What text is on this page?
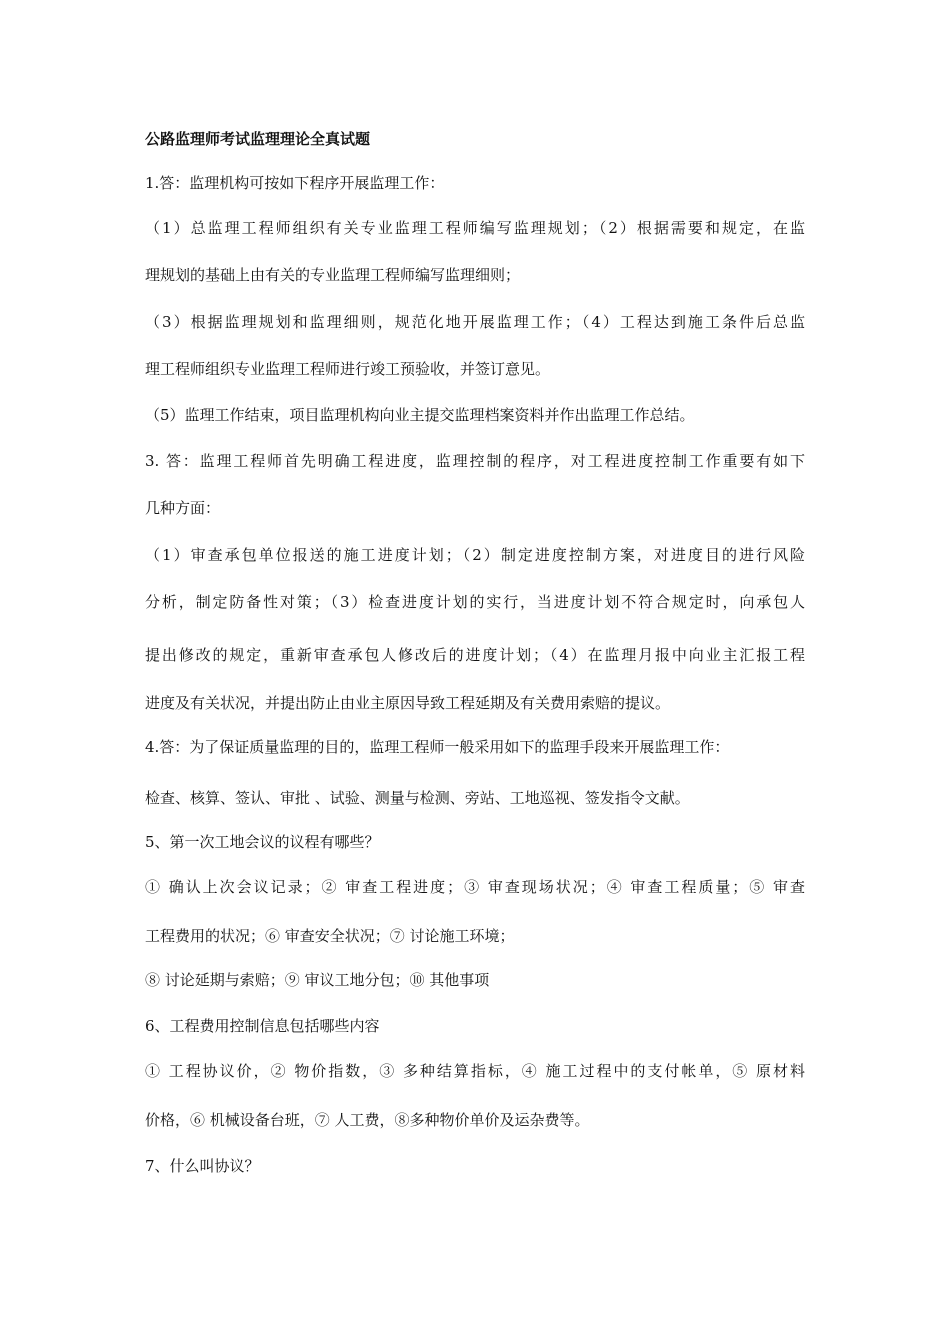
公路监理师考试监理理论全真试题
1.答：监理机构可按如下程序开展监理工作：
（1）总监理工程师组织有关专业监理工程师编写监理规划；（2）根据需要和规定，在监
理规划的基础上由有关的专业监理工程师编写监理细则；
（3）根据监理规划和监理细则，规范化地开展监理工作；（4）工程达到施工条件后总监
理工程师组织专业监理工程师进行竣工预验收，并签订意见。
（5）监理工作结束，项目监理机构向业主提交监理档案资料并作出监理工作总结。
3. 答：监理工程师首先明确工程进度，监理控制的程序，对工程进度控制工作重要有如下
几种方面：
（1）审查承包单位报送的施工进度计划；（2）制定进度控制方案，对进度目的进行风险
分析，制定防备性对策；（3）检查进度计划的实行，当进度计划不符合规定时，向承包人
提出修改的规定，重新审查承包人修改后的进度计划；（4）在监理月报中向业主汇报工程
进度及有关状况，并提出防止由业主原因导致工程延期及有关费用索赔的提议。
4.答：为了保证质量监理的目的，监理工程师一般采用如下的监理手段来开展监理工作：
检查、核算、签认、审批 、试验、测量与检测、旁站、工地巡视、签发指令文献。
5、第一次工地会议的议程有哪些？
① 确认上次会议记录；② 审查工程进度；③ 审查现场状况；④ 审查工程质量；⑤ 审查
工程费用的状况；⑥ 审查安全状况；⑦ 讨论施工环境；
⑧ 讨论延期与索赔；⑨ 审议工地分包；⑩ 其他事项
6、工程费用控制信息包括哪些内容
① 工程协议价，② 物价指数，③ 多种结算指标，④ 施工过程中的支付帐单，⑤ 原材料
价格，⑥ 机械设备台班，⑦ 人工费，⑧多种物价单价及运杂费等。
7、什么叫协议？
